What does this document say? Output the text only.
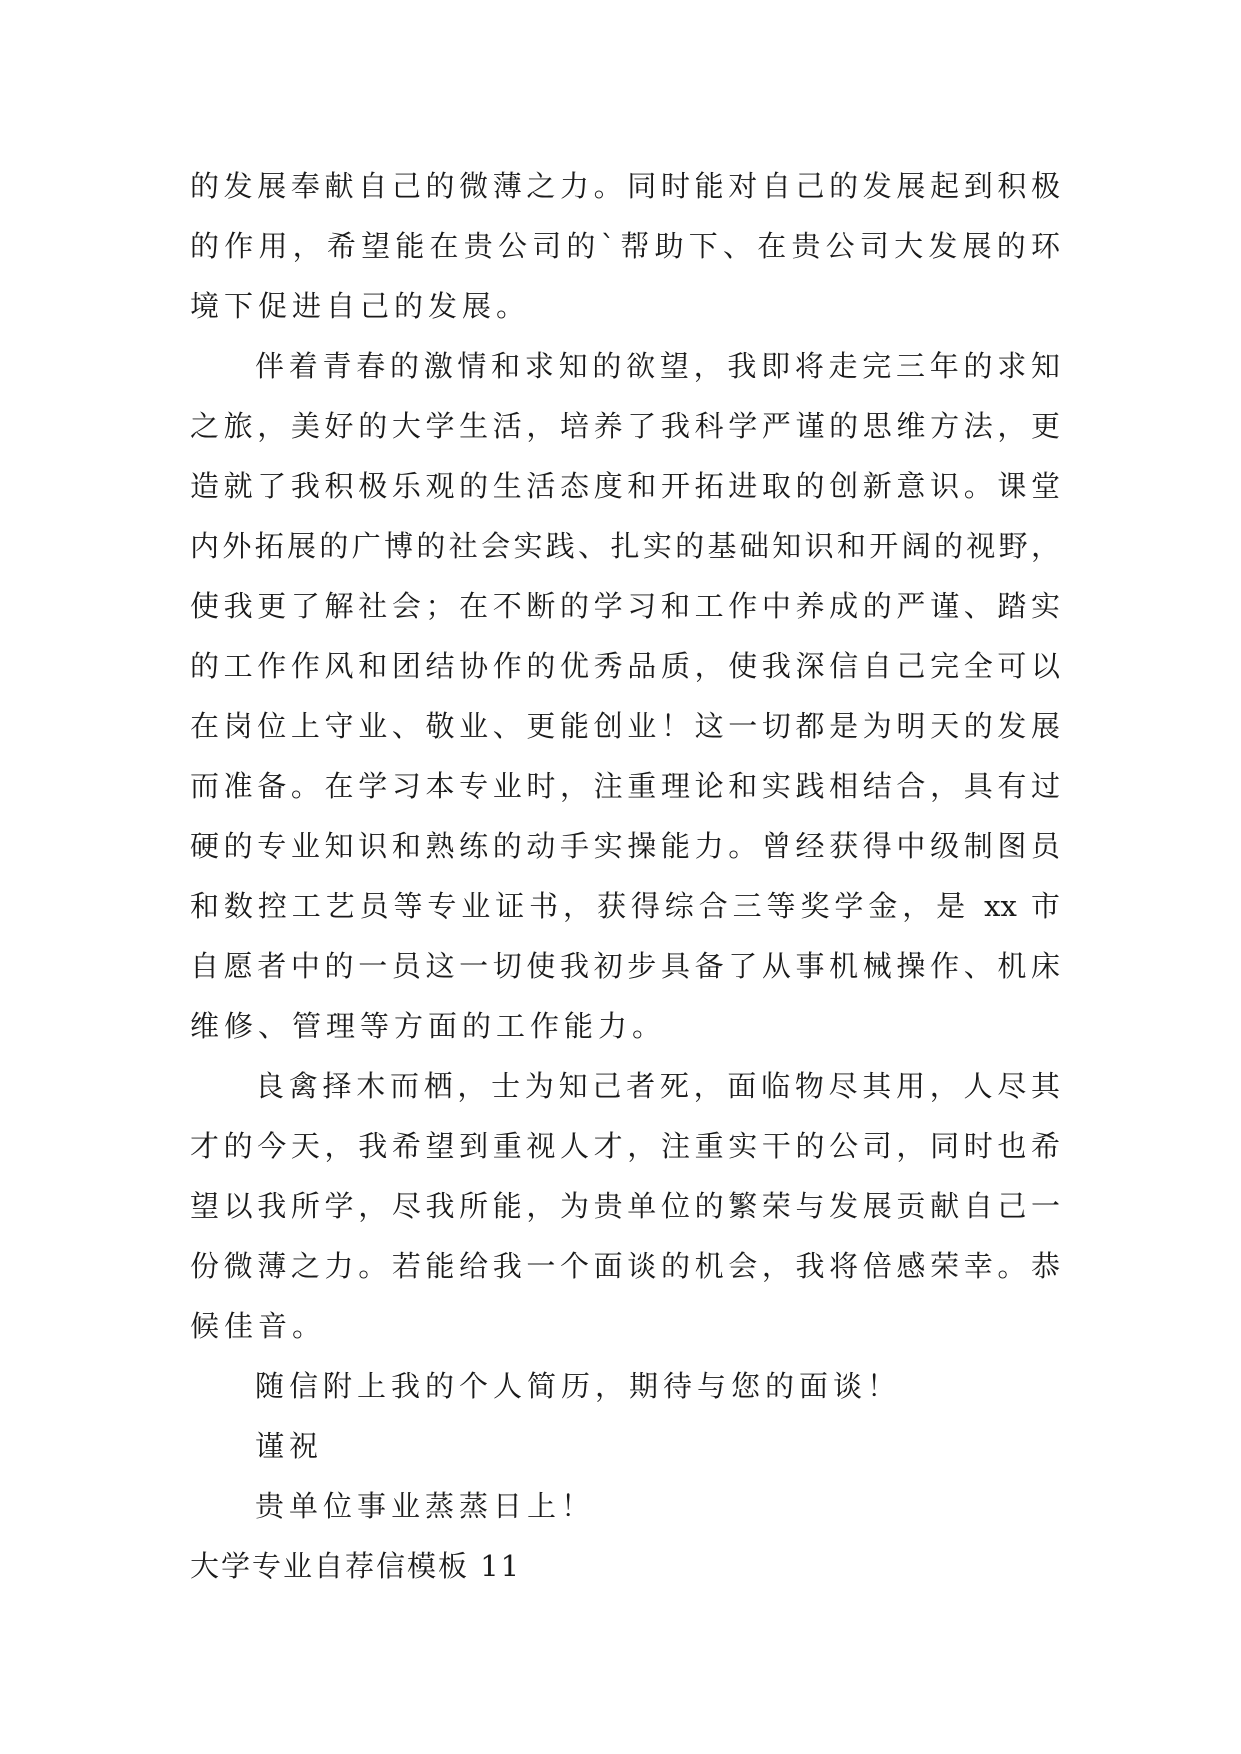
的发展奉献自己的微薄之力。同时能对自己的发展起到积极
的作用，希望能在贵公司的`帮助下、在贵公司大发展的环
境下促进自己的发展。
伴着青春的激情和求知的欲望，我即将走完三年的求知
之旅，美好的大学生活，培养了我科学严谨的思维方法，更
造就了我积极乐观的生活态度和开拓进取的创新意识。课堂
内外拓展的广博的社会实践、扎实的基础知识和开阔的视野，
使我更了解社会；在不断的学习和工作中养成的严谨、踏实
的工作作风和团结协作的优秀品质，使我深信自己完全可以
在岗位上守业、敬业、更能创业！这一切都是为明天的发展
而准备。在学习本专业时，注重理论和实践相结合，具有过
硬的专业知识和熟练的动手实操能力。曾经获得中级制图员
和数控工艺员等专业证书，获得综合三等奖学金，是 xx 市
自愿者中的一员这一切使我初步具备了从事机械操作、机床
维修、管理等方面的工作能力。
良禽择木而栖，士为知己者死，面临物尽其用，人尽其
才的今天，我希望到重视人才，注重实干的公司，同时也希
望以我所学，尽我所能，为贵单位的繁荣与发展贡献自己一
份微薄之力。若能给我一个面谈的机会，我将倍感荣幸。恭
候佳音。
随信附上我的个人简历，期待与您的面谈！
谨祝
贵单位事业蒸蒸日上！
大学专业自荐信模板 11
